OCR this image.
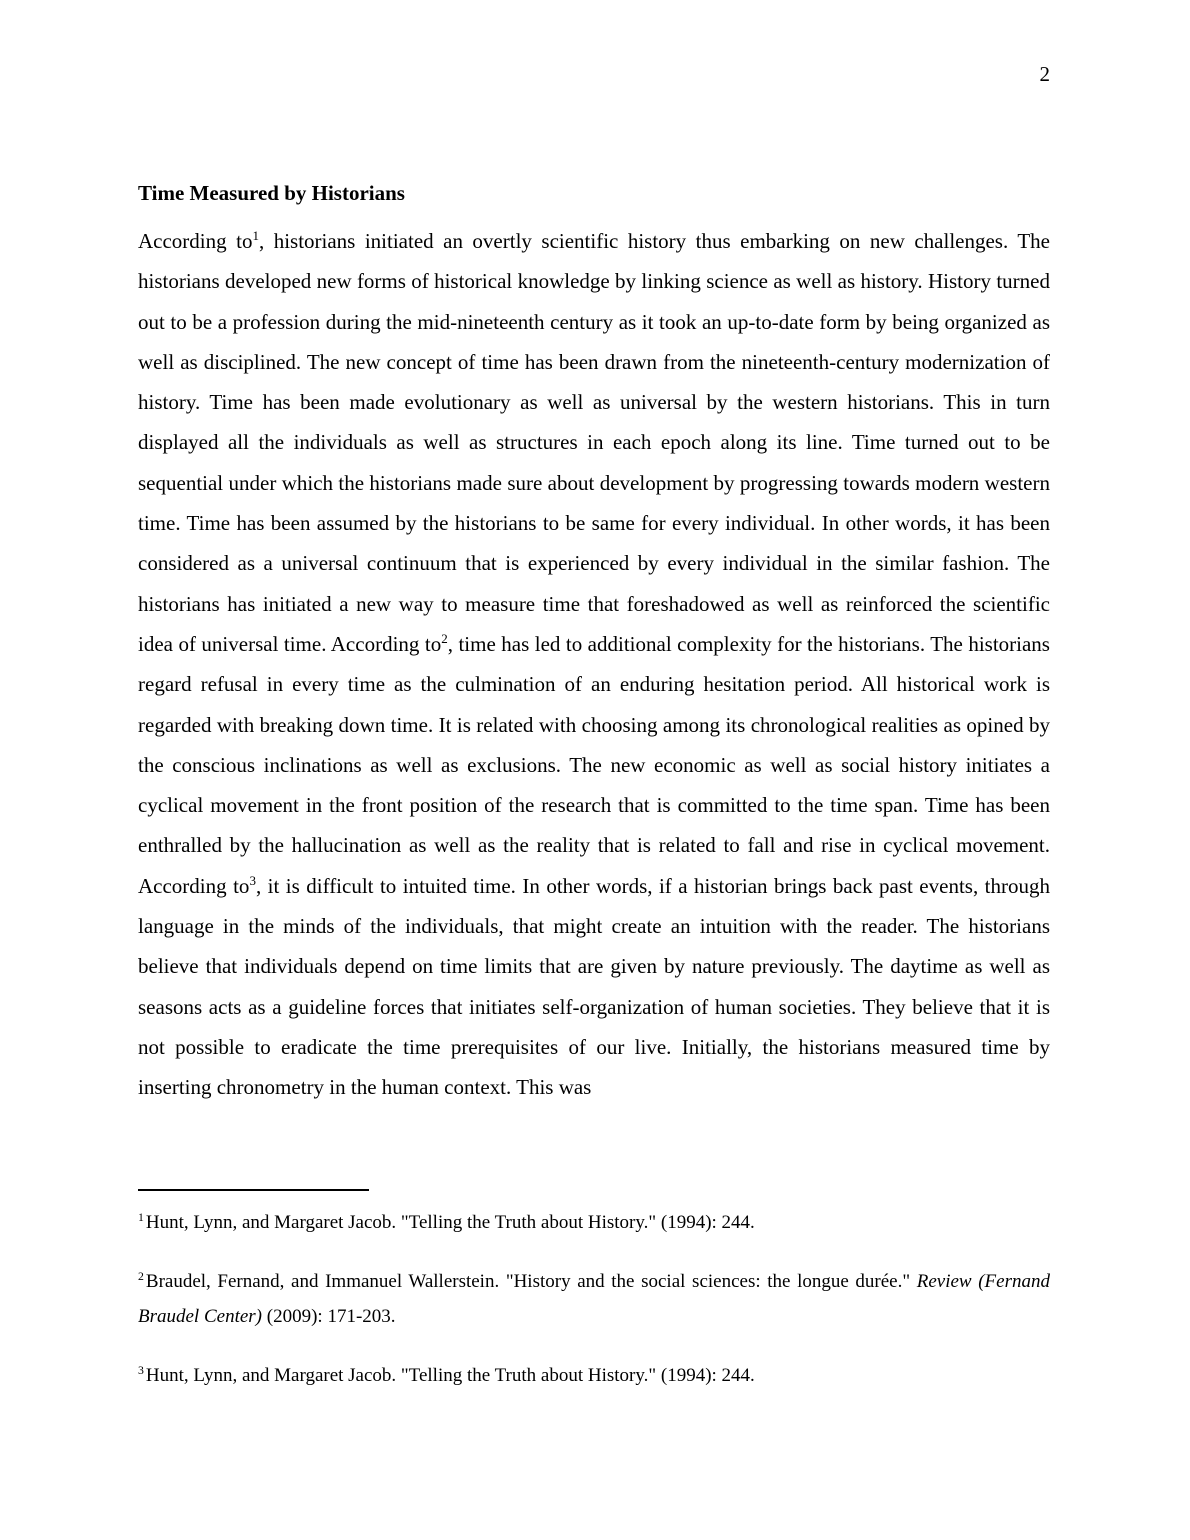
2
Time Measured by Historians

According $to^1$, historians initiated an overtly scientific history thus embarking on new challenges. The historians developed new forms of historical knowledge by linking science as well as history. History turned out to be a profession during the mid-nineteenth century as it took an up-to-date form by being organized as well as disciplined. The new concept of time has been drawn from the nineteenth-century modernization of history. Time has been made evolutionary as well as universal by the western historians. This in turn displayed all the individuals as well as structures in each epoch along its line. Time turned out to be sequential under which the historians made sure about development by progressing towards modern western time. Time has been assumed by the historians to be same for every individual. In other words, it has been considered as a universal continuum that is experienced by every individual in the similar fashion. The historians has initiated a new way to measure time that foreshadowed as well as reinforced the scientific idea of universal time. According $to^2$, time has led to additional complexity for the historians. The historians regard refusal in every time as the culmination of an enduring hesitation period. All historical work is regarded with breaking down time. It is related with choosing among its chronological realities as opined by the conscious inclinations as well as exclusions. The new economic as well as social history initiates a cyclical movement in the front position of the research that is committed to the time span. Time has been enthralled by the hallucination as well as the reality that is related to fall and rise in cyclical movement. According $to^3$, it is difficult to intuited time. In other words, if a historian brings back past events, through language in the minds of the individuals, that might create an intuition with the reader. The historians believe that individuals depend on time limits that are given by nature previously. The daytime as well as seasons acts as a guideline forces that initiates self-organization of human societies. They believe that it is not possible to eradicate the time prerequisites of our live. Initially, the historians measured time by inserting chronometry in the human context. This was

$^1$ Hunt, Lynn, and Margaret Jacob. "Telling the Truth about History." (1994): 244.

$^2$ Braudel, Fernand, and Immanuel Wallerstein. "History and the social sciences: the longue durée." Review (Fernand Braudel Center) (2009): 171-203.

$^3$ Hunt, Lynn, and Margaret Jacob. "Telling the Truth about History." (1994): 244.
